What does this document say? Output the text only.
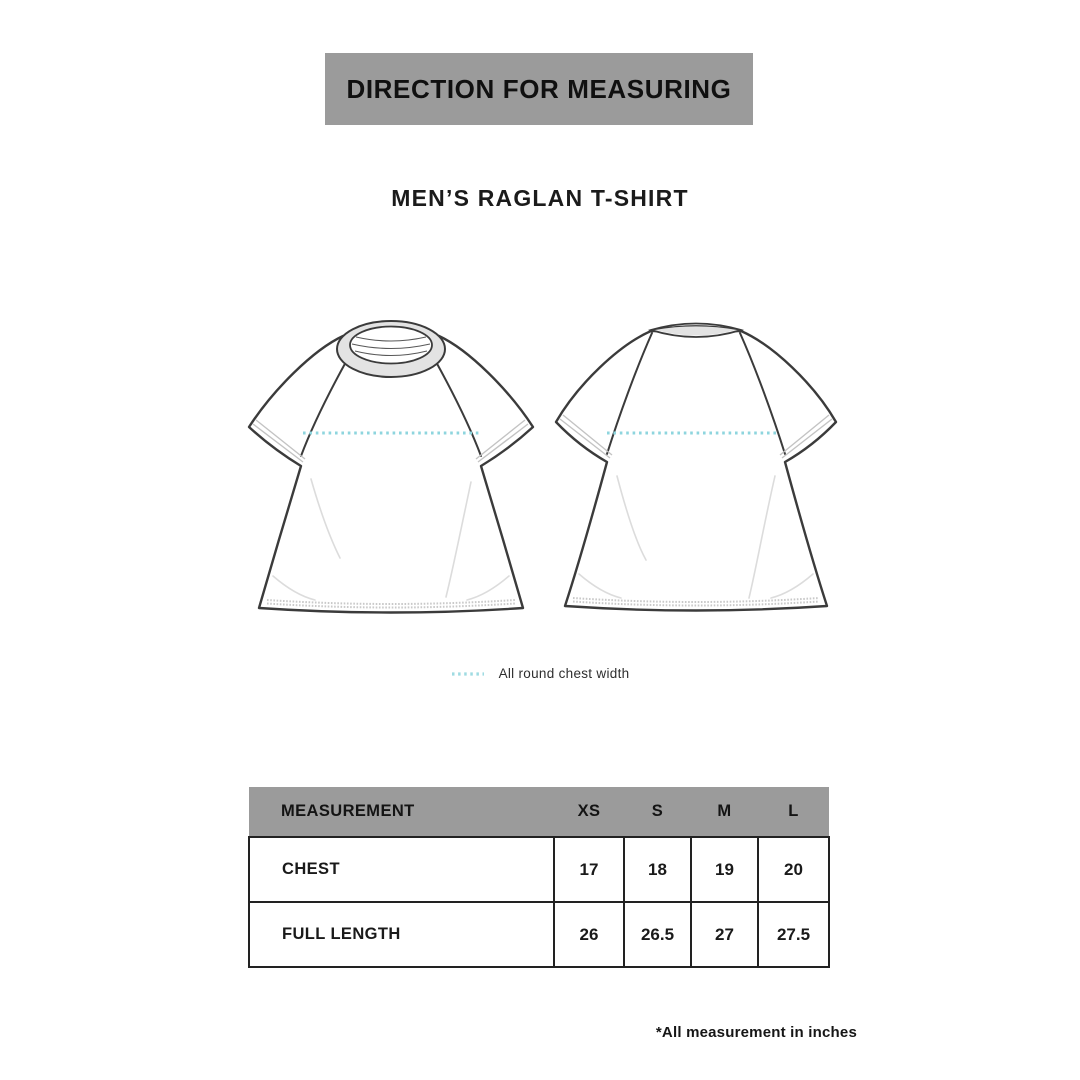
DIRECTION FOR MEASURING
MEN’S RAGLAN T-SHIRT
All round chest width
MEASUREMENT	XS	S	M	L
CHEST	17	18	19	20
FULL LENGTH	26	26.5	27	27.5
*All measurement in inches
